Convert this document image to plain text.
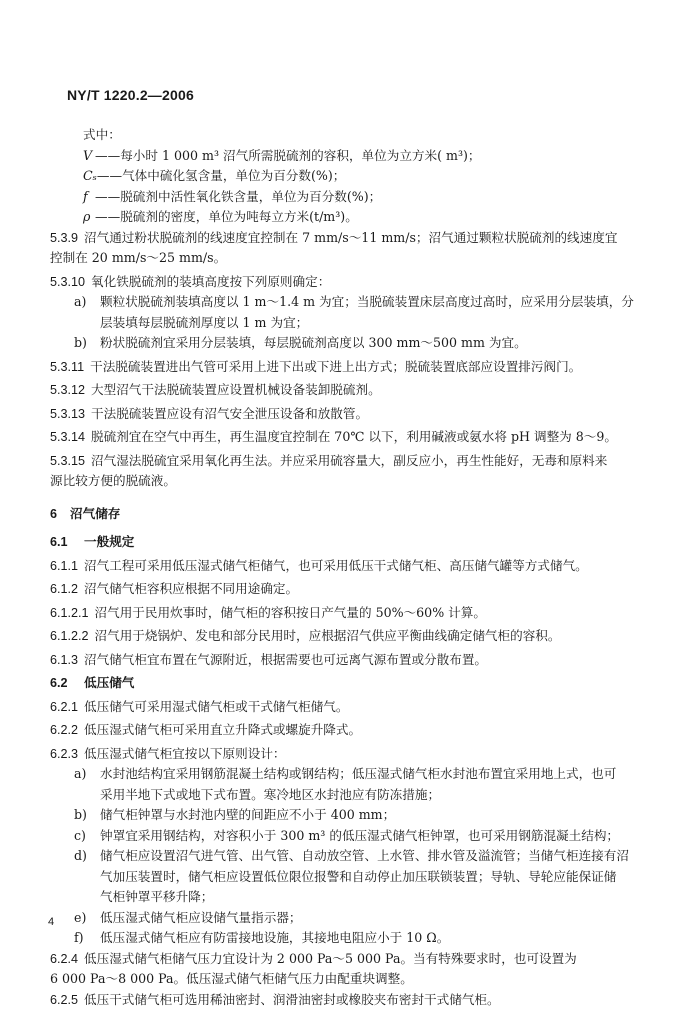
NY/T 1220.2—2006
式中：
V ——每小时 1 000 m³ 沼气所需脱硫剂的容积，单位为立方米( m³)；
Cₛ——气体中硫化氢含量，单位为百分数(%)；
f ——脱硫剂中活性氧化铁含量，单位为百分数(%)；
ρ ——脱硫剂的密度，单位为吨每立方米(t/m³)。
5.3.9 沼气通过粉状脱硫剂的线速度宜控制在 7 mm/s～11 mm/s；沼气通过颗粒状脱硫剂的线速度宜
控制在 20 mm/s～25 mm/s。
5.3.10 氧化铁脱硫剂的装填高度按下列原则确定：
a) 颗粒状脱硫剂装填高度以 1 m～1.4 m 为宜；当脱硫装置床层高度过高时，应采用分层装填，分
层装填每层脱硫剂厚度以 1 m 为宜；
b) 粉状脱硫剂宜采用分层装填，每层脱硫剂高度以 300 mm～500 mm 为宜。
5.3.11 干法脱硫装置进出气管可采用上进下出或下进上出方式；脱硫装置底部应设置排污阀门。
5.3.12 大型沼气干法脱硫装置应设置机械设备装卸脱硫剂。
5.3.13 干法脱硫装置应设有沼气安全泄压设备和放散管。
5.3.14 脱硫剂宜在空气中再生，再生温度宜控制在 70℃ 以下，利用碱液或氨水将 pH 调整为 8～9。
5.3.15 沼气湿法脱硫宜采用氧化再生法。并应采用硫容量大，副反应小，再生性能好，无毒和原料来
源比较方便的脱硫液。
6 沼气储存
6.1 一般规定
6.1.1 沼气工程可采用低压湿式储气柜储气，也可采用低压干式储气柜、高压储气罐等方式储气。
6.1.2 沼气储气柜容积应根据不同用途确定。
6.1.2.1 沼气用于民用炊事时，储气柜的容积按日产气量的 50%～60% 计算。
6.1.2.2 沼气用于烧锅炉、发电和部分民用时，应根据沼气供应平衡曲线确定储气柜的容积。
6.1.3 沼气储气柜宜布置在气源附近，根据需要也可远离气源布置或分散布置。
6.2 低压储气
6.2.1 低压储气可采用湿式储气柜或干式储气柜储气。
6.2.2 低压湿式储气柜可采用直立升降式或螺旋升降式。
6.2.3 低压湿式储气柜宜按以下原则设计：
a) 水封池结构宜采用钢筋混凝土结构或钢结构；低压湿式储气柜水封池布置宜采用地上式，也可
采用半地下式或地下式布置。寒冷地区水封池应有防冻措施；
b) 储气柜钟罩与水封池内壁的间距应不小于 400 mm；
c) 钟罩宜采用钢结构，对容积小于 300 m³ 的低压湿式储气柜钟罩，也可采用钢筋混凝土结构；
d) 储气柜应设置沼气进气管、出气管、自动放空管、上水管、排水管及溢流管；当储气柜连接有沼
气加压装置时，储气柜应设置低位限位报警和自动停止加压联锁装置；导轨、导轮应能保证储
气柜钟罩平移升降；
e) 低压湿式储气柜应设储气量指示器；
f) 低压湿式储气柜应有防雷接地设施，其接地电阻应小于 10 Ω。
6.2.4 低压湿式储气柜储气压力宜设计为 2 000 Pa～5 000 Pa。当有特殊要求时，也可设置为
6 000 Pa～8 000 Pa。低压湿式储气柜储气压力由配重块调整。
6.2.5 低压干式储气柜可选用稀油密封、润滑油密封或橡胶夹布密封干式储气柜。
4
